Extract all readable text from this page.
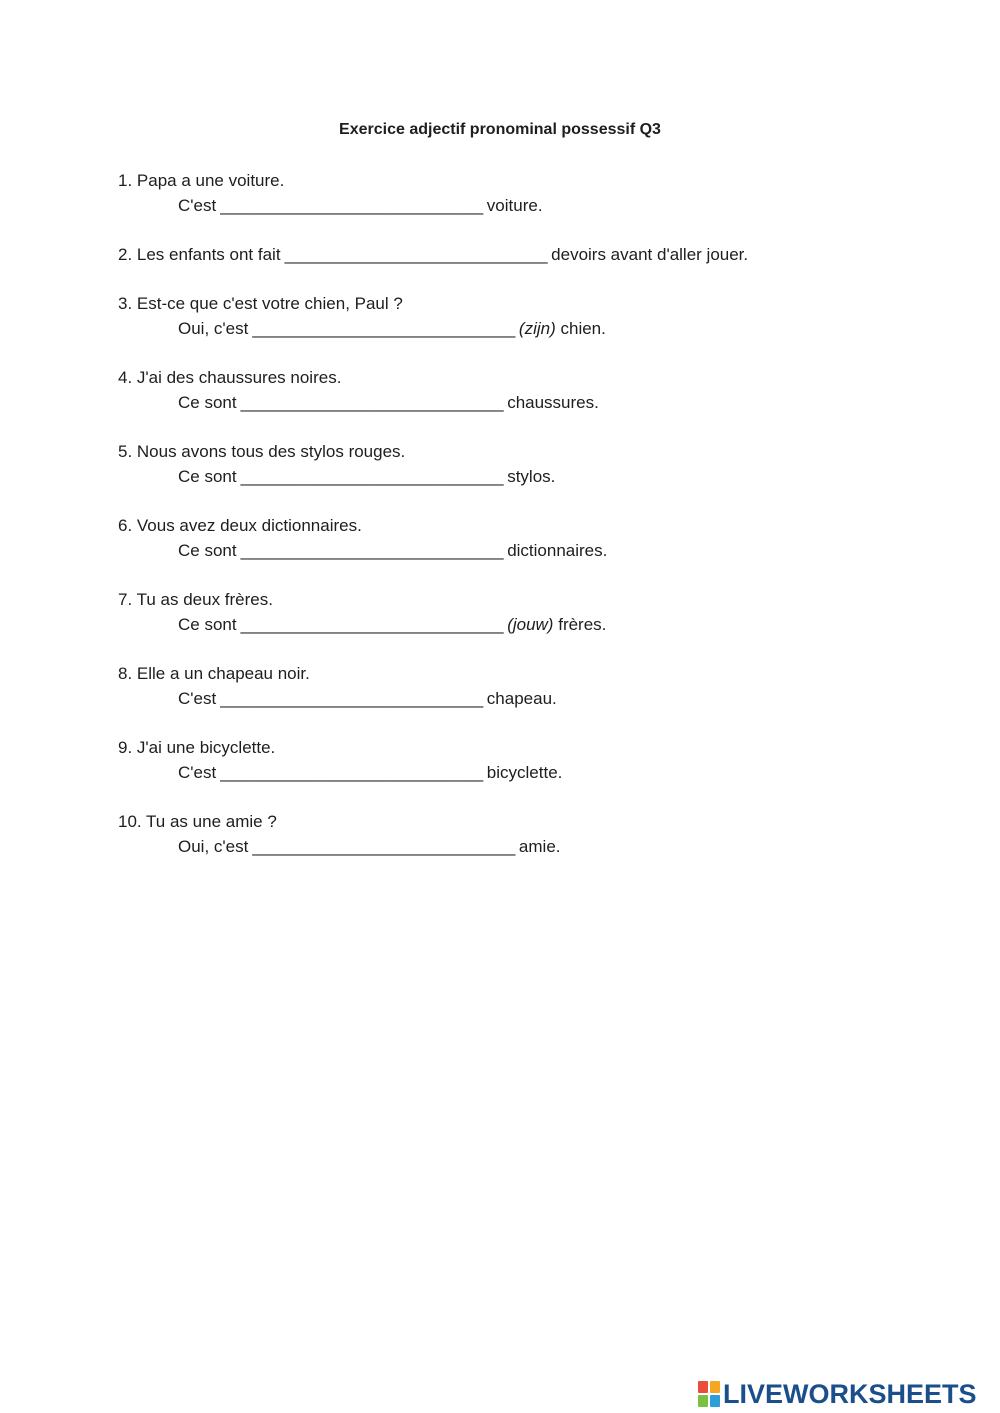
Exercice adjectif pronominal possessif Q3
1. Papa a une voiture.
C'est _____________________________ voiture.
2. Les enfants ont fait _____________________________ devoirs avant d'aller jouer.
3. Est-ce que c'est votre chien, Paul ?
Oui, c'est _____________________________ (zijn) chien.
4. J'ai des chaussures noires.
Ce sont _____________________________ chaussures.
5. Nous avons tous des stylos rouges.
Ce sont _____________________________ stylos.
6. Vous avez deux dictionnaires.
Ce sont _____________________________ dictionnaires.
7. Tu as deux frères.
Ce sont _____________________________ (jouw) frères.
8. Elle a un chapeau noir.
C'est _____________________________ chapeau.
9. J'ai une bicyclette.
C'est _____________________________ bicyclette.
10. Tu as une amie ?
Oui, c'est _____________________________ amie.
LIVEWORKSHEETS
